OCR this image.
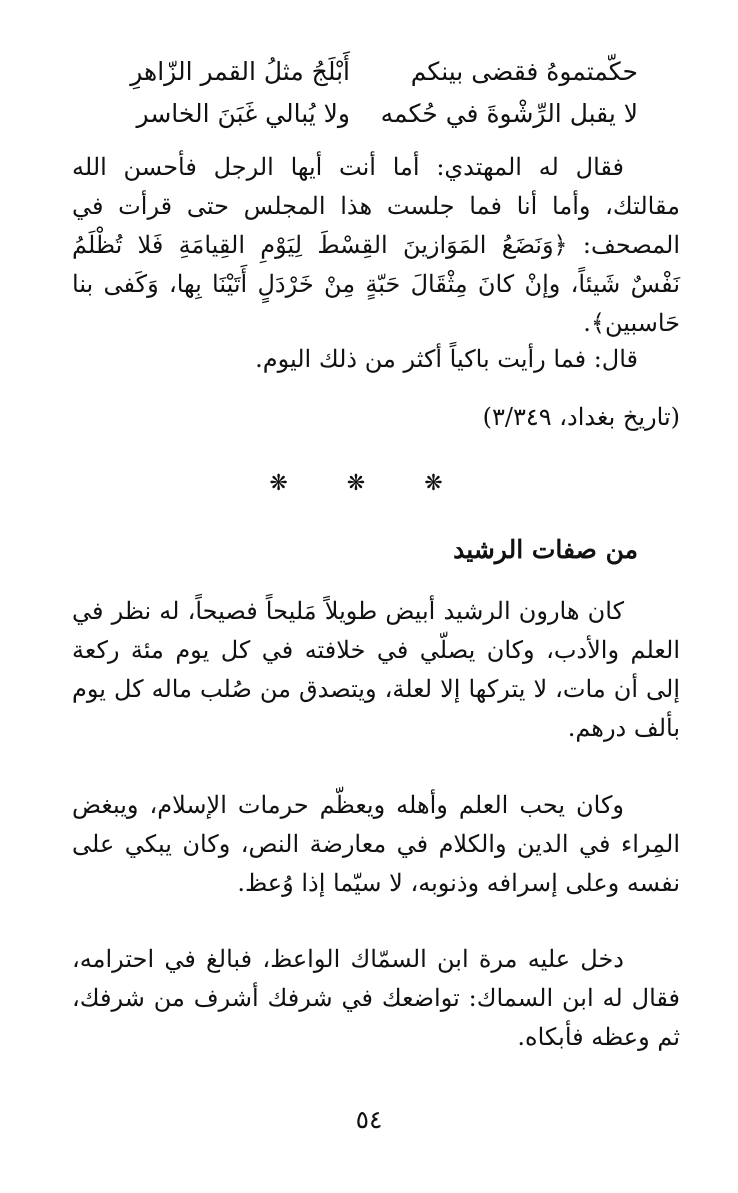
حكّمتموهُ فقضى بينكم
أَبْلَجُ مثلُ القمر الزّاهرِ
لا يقبل الرِّشْوةَ في حُكمه
ولا يُبالي غَبَنَ الخاسر

فقال له المهتدي: أما أنت أيها الرجل فأحسن الله مقالتك، وأما أنا فما جلست هذا المجلس حتى قرأت في المصحف: ﴿وَنَضَعُ المَوَازينَ القِسْطَ لِيَوْمِ القِيامَةِ فَلا تُظْلَمُ نَفْسٌ شَيئاً، وإنْ كانَ مِثْقَالَ حَبّةٍ مِنْ خَرْدَلٍ أَتَيْنَا بِها، وَكَفى بنا حَاسبين﴾.

قال: فما رأيت باكياً أكثر من ذلك اليوم.

(تاريخ بغداد، ٣/٣٤٩)

❋ ❋ ❋
من صفات الرشيد

كان هارون الرشيد أبيض طويلاً مَليحاً فصيحاً، له نظر في العلم والأدب، وكان يصلّي في خلافته في كل يوم مئة ركعة إلى أن مات، لا يتركها إلا لعلة، ويتصدق من صُلب ماله كل يوم بألف درهم.

وكان يحب العلم وأهله ويعظّم حرمات الإسلام، ويبغض المِراء في الدين والكلام في معارضة النص، وكان يبكي على نفسه وعلى إسرافه وذنوبه، لا سيّما إذا وُعظ.

دخل عليه مرة ابن السمّاك الواعظ، فبالغ في احترامه، فقال له ابن السماك: تواضعك في شرفك أشرف من شرفك، ثم وعظه فأبكاه.

٥٤
